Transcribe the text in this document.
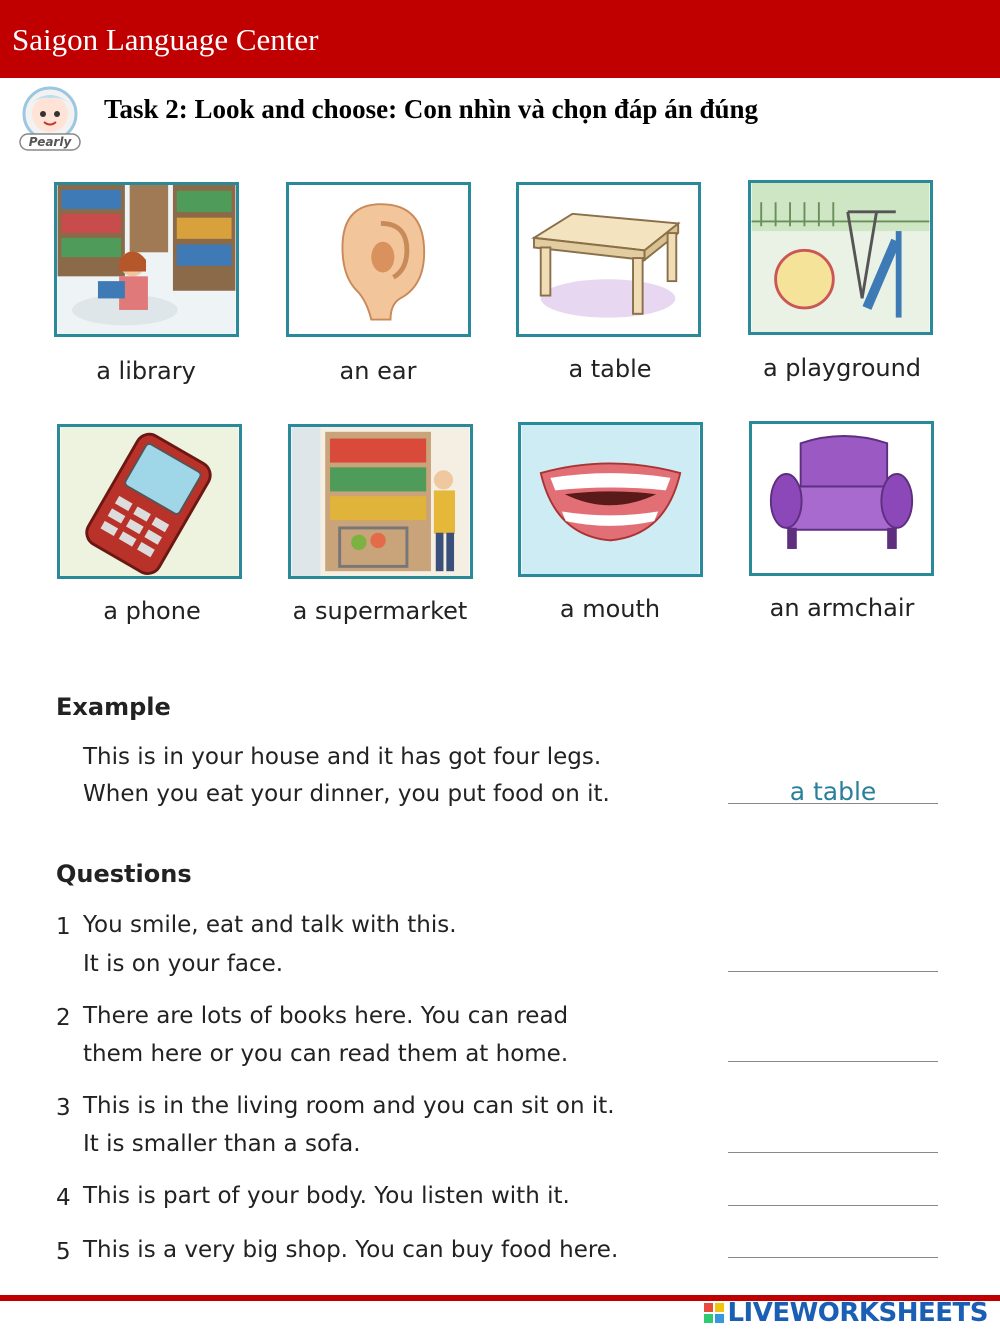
Saigon Language Center
Pearly
Task 2: Look and choose: Con nhìn và chọn đáp án đúng
a library	an ear	a table	a playground
a phone	a supermarket	a mouth	an armchair
Example
This is in your house and it has got four legs.
When you eat your dinner, you put food on it.	a table
Questions
1 You smile, eat and talk with this.
It is on your face.
2 There are lots of books here. You can read
them here or you can read them at home.
3 This is in the living room and you can sit on it.
It is smaller than a sofa.
4 This is part of your body. You listen with it.
5 This is a very big shop. You can buy food here.
LIVEWORKSHEETS
